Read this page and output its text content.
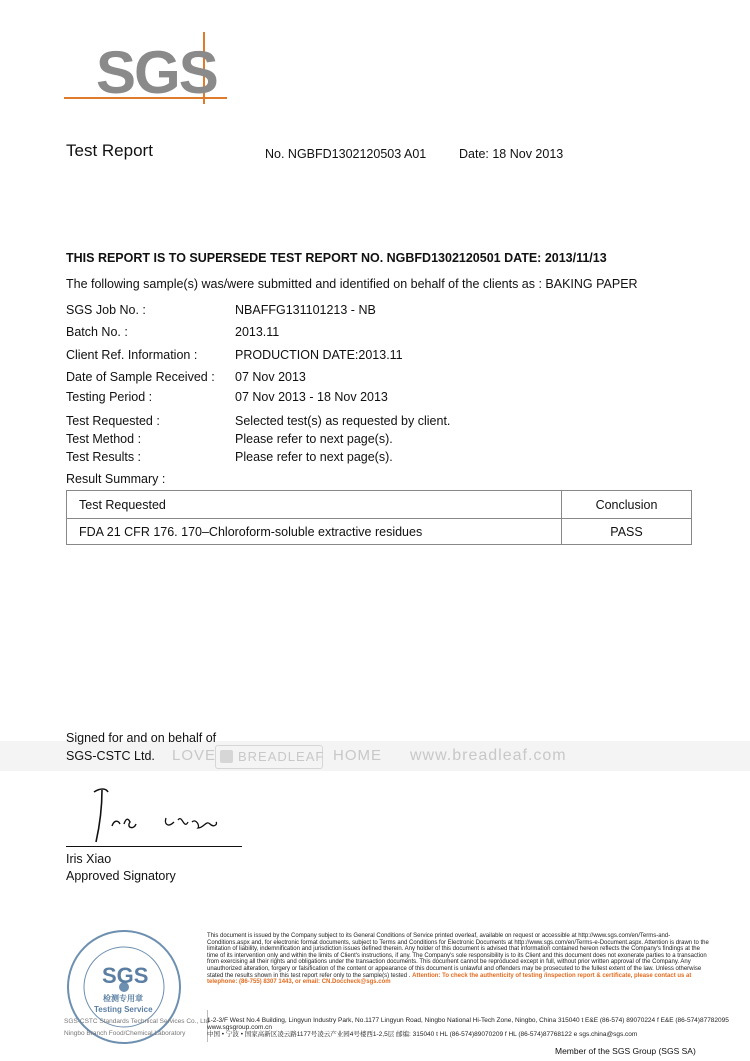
SGS
Test Report	No. NGBFD1302120503 A01	Date: 18 Nov 2013
THIS REPORT IS TO SUPERSEDE TEST REPORT NO. NGBFD1302120501 DATE: 2013/11/13
The following sample(s) was/were submitted and identified on behalf of the clients as : BAKING PAPER
SGS Job No. :	NBAFFG131101213 - NB
Batch No. :	2013.11
Client Ref. Information :	PRODUCTION DATE:2013.11
Date of Sample Received : 07 Nov 2013
Testing Period :	07 Nov 2013 - 18 Nov 2013
Test Requested :	Selected test(s) as requested by client.
Test Method :	Please refer to next page(s).
Test Results :	Please refer to next page(s).
Result Summary :
Test Requested	Conclusion
FDA 21 CFR 176. 170–Chloroform-soluble extractive residues	PASS
LOVE BREADLEAF HOME www.breadleaf.com
Signed for and on behalf of
SGS-CSTC Ltd.
Iris Xiao
Approved Signatory
SGS
检测专用章
Testing Service
This document is issued by the Company subject to its General Conditions of Service printed overleaf, available on request or accessible at http://www.sgs.com/en/Terms-and-Conditions.aspx and, for electronic format documents, subject to Terms and Conditions for Electronic Documents at http://www.sgs.com/en/Terms-e-Document.aspx. Attention is drawn to the limitation of liability, indemnification and jurisdiction issues defined therein. Any holder of this document is advised that information contained hereon reflects the Company's findings at the time of its intervention only and within the limits of Client's instructions, if any. The Company's sole responsibility is to its Client and this document does not exonerate parties to a transaction from exercising all their rights and obligations under the transaction documents. This document cannot be reproduced except in full, without prior written approval of the Company. Any unauthorized alteration, forgery or falsification of the content or appearance of this document is unlawful and offenders may be prosecuted to the fullest extent of the law. Unless otherwise stated the results shown in this test report refer only to the sample(s) tested . Attention: To check the authenticity of testing /inspection report & certificate, please contact us at telephone: (86-755) 8307 1443, or email: CN.Doccheck@sgs.com
SGS-CSTC Standards Technical Services Co., Ltd
Ningbo Branch Food/Chemical Laboratory
1-2-3/F West No.4 Building, Lingyun Industry Park, No.1177 Lingyun Road, Ningbo National Hi-Tech Zone, Ningbo, China 315040 t E&E (86-574) 89070224 f E&E (86-574)87782095 www.sgsgroup.com.cn
中国 • 宁波 • 国家高新区凌云路1177号凌云产业园4号楼西1-2,5层 邮编: 315040 t HL (86-574)89070209 f HL (86-574)87768122 e sgs.china@sgs.com
Member of the SGS Group (SGS SA)
